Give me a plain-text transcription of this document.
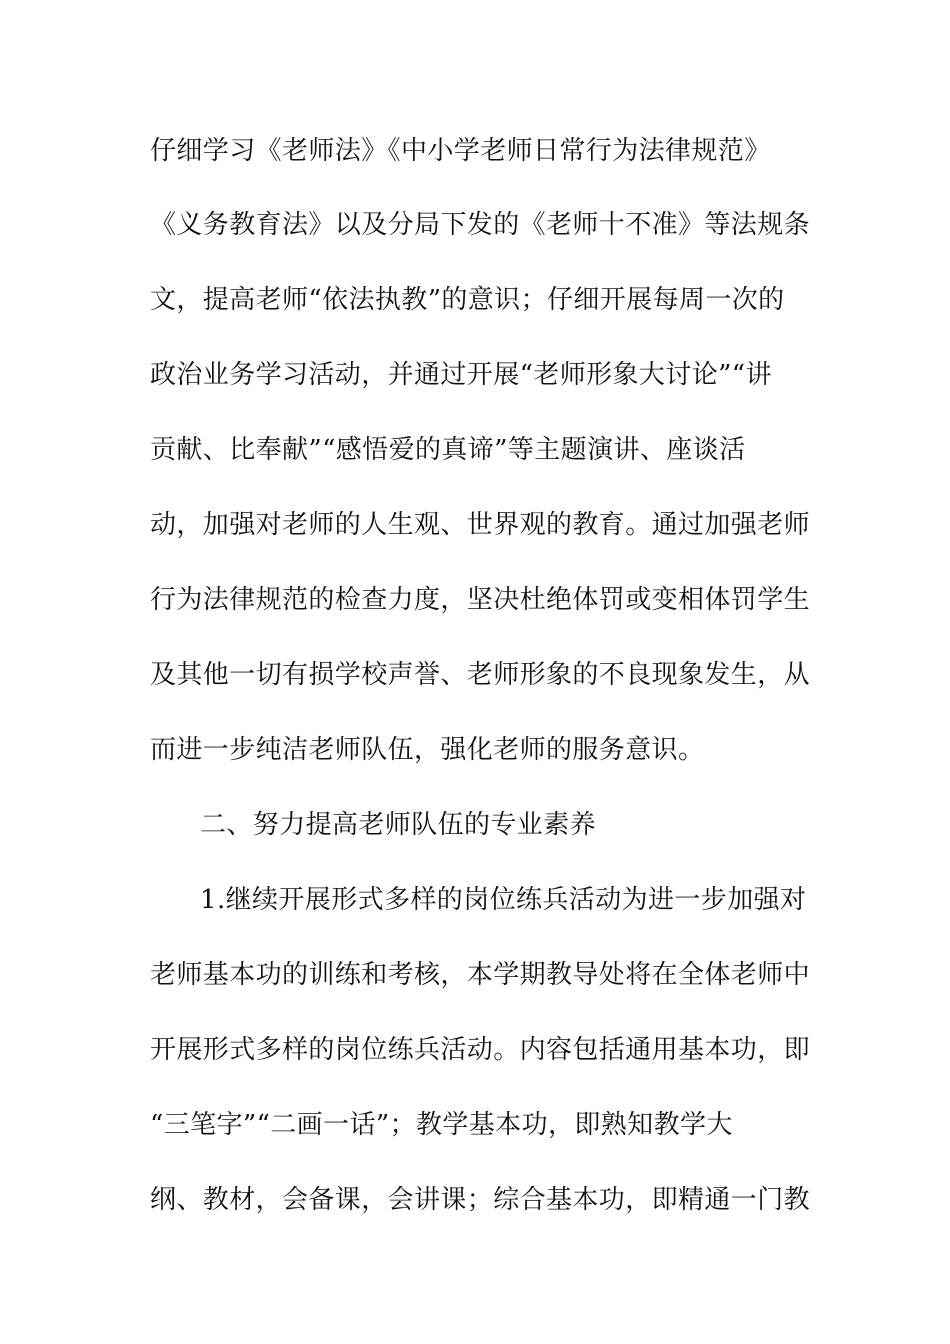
仔细学习《老师法》《中小学老师日常行为法律规范》
《义务教育法》以及分局下发的《老师十不准》等法规条
文，提高老师“依法执教”的意识；仔细开展每周一次的
政治业务学习活动，并通过开展“老师形象大讨论”“讲
贡献、比奉献”“感悟爱的真谛”等主题演讲、座谈活
动，加强对老师的人生观、世界观的教育。通过加强老师
行为法律规范的检查力度，坚决杜绝体罚或变相体罚学生
及其他一切有损学校声誉、老师形象的不良现象发生，从
而进一步纯洁老师队伍，强化老师的服务意识。
二、努力提高老师队伍的专业素养
1.继续开展形式多样的岗位练兵活动为进一步加强对
老师基本功的训练和考核，本学期教导处将在全体老师中
开展形式多样的岗位练兵活动。内容包括通用基本功，即
“三笔字”“二画一话”；教学基本功，即熟知教学大
纲、教材，会备课，会讲课；综合基本功，即精通一门教
